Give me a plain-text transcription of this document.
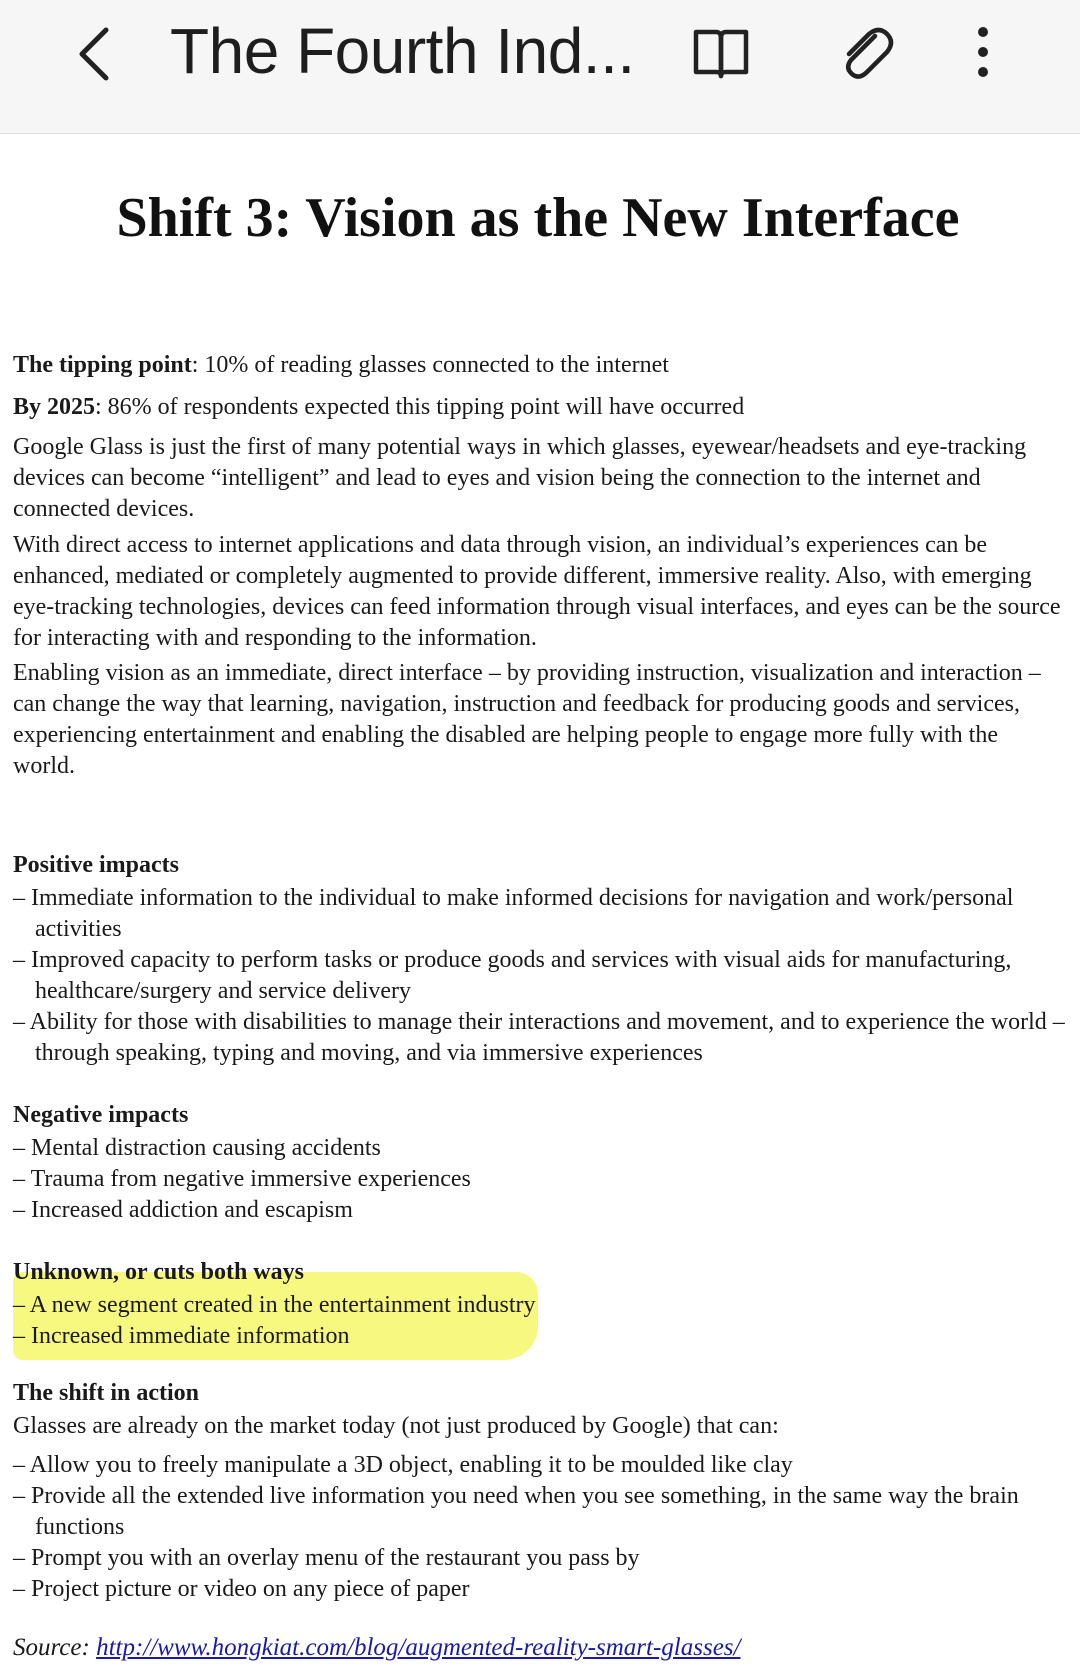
The Fourth Ind...
Shift 3: Vision as the New Interface

The tipping point: 10% of reading glasses connected to the internet

By 2025: 86% of respondents expected this tipping point will have occurred

Google Glass is just the first of many potential ways in which glasses, eyewear/headsets and eye-tracking devices can become “intelligent” and lead to eyes and vision being the connection to the internet and connected devices.

With direct access to internet applications and data through vision, an individual’s experiences can be enhanced, mediated or completely augmented to provide different, immersive reality. Also, with emerging eye-tracking technologies, devices can feed information through visual interfaces, and eyes can be the source for interacting with and responding to the information.

Enabling vision as an immediate, direct interface – by providing instruction, visualization and interaction – can change the way that learning, navigation, instruction and feedback for producing goods and services, experiencing entertainment and enabling the disabled are helping people to engage more fully with the world.

Positive impacts

– Immediate information to the individual to make informed decisions for navigation and work/personal activities

– Improved capacity to perform tasks or produce goods and services with visual aids for manufacturing, healthcare/surgery and service delivery

– Ability for those with disabilities to manage their interactions and movement, and to experience the world – through speaking, typing and moving, and via immersive experiences

Negative impacts

– Mental distraction causing accidents

– Trauma from negative immersive experiences

– Increased addiction and escapism

Unknown, or cuts both ways

– A new segment created in the entertainment industry

– Increased immediate information

The shift in action

Glasses are already on the market today (not just produced by Google) that can:

– Allow you to freely manipulate a 3D object, enabling it to be moulded like clay

– Provide all the extended live information you need when you see something, in the same way the brain functions

– Prompt you with an overlay menu of the restaurant you pass by

– Project picture or video on any piece of paper

Source: http://www.hongkiat.com/blog/augmented-reality-smart-glasses/
